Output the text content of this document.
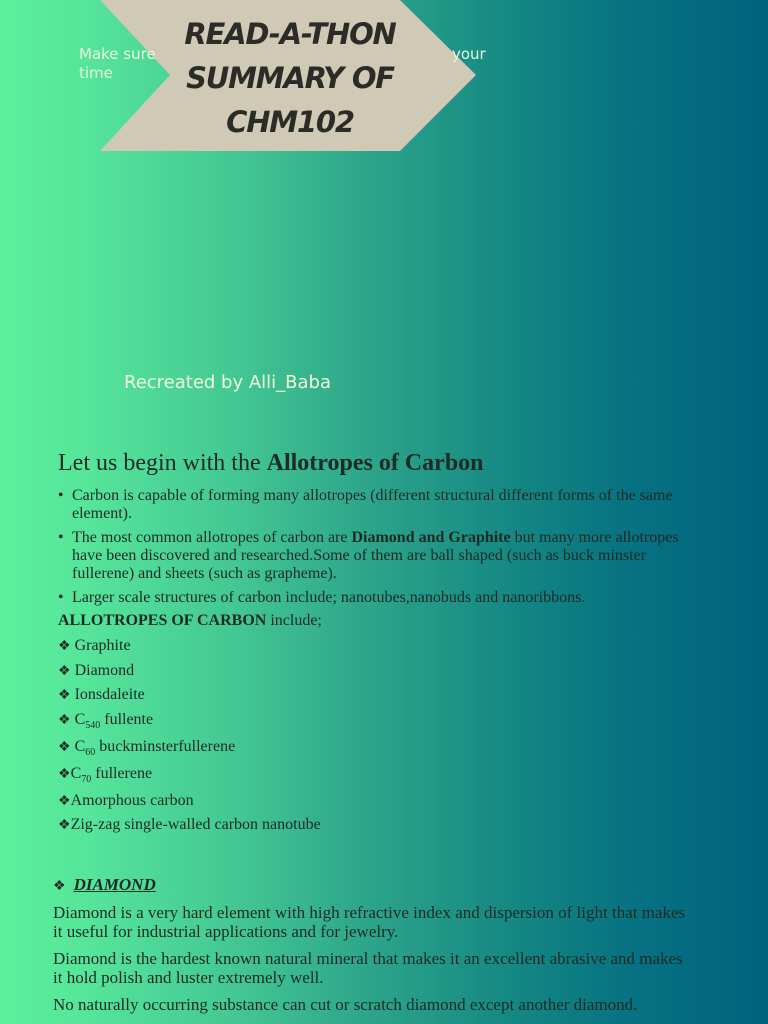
Make sure
time
your
READ-A-THON
SUMMARY OF
CHM102
Recreated by Alli_Baba
Let us begin with the Allotropes of Carbon
• Carbon is capable of forming many allotropes (different structural different forms of the same element).
• The most common allotropes of carbon are Diamond and Graphite but many more allotropes have been discovered and researched.Some of them are ball shaped (such as buck minster fullerene) and sheets (such as grapheme).
• Larger scale structures of carbon include; nanotubes,nanobuds and nanoribbons.
ALLOTROPES OF CARBON include;
❖ Graphite
❖ Diamond
❖ Ionsdaleite
❖ $C_{540}$ fullente
❖ $C_{60}$ buckminsterfullerene
$❖C_{70}$ fullerene
❖Amorphous carbon
❖Zig-zag single-walled carbon nanotube
❖ DIAMOND

Diamond is a very hard element with high refractive index and dispersion of light that makes it useful for industrial applications and for jewelry.

Diamond is the hardest known natural mineral that makes it an excellent abrasive and makes it hold polish and luster extremely well.

No naturally occurring substance can cut or scratch diamond except another diamond.
